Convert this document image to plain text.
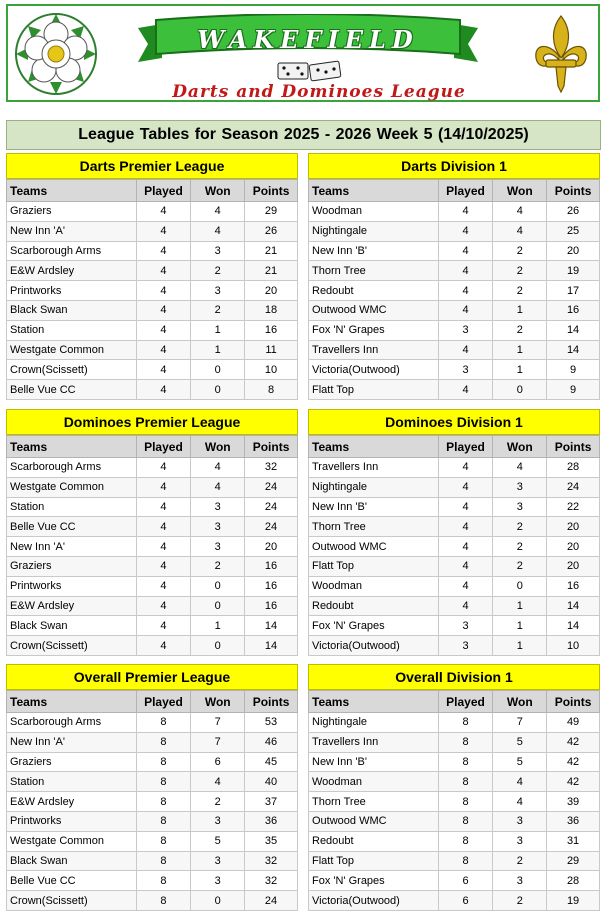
WAKEFIELD
Darts and Dominoes League
League Tables for Season 2025 - 2026 Week 5 (14/10/2025)
Darts Premier League
Teams	Played	Won	Points
Graziers	4	4	29
New Inn 'A'	4	4	26
Scarborough Arms	4	3	21
E&W Ardsley	4	2	21
Printworks	4	3	20
Black Swan	4	2	18
Station	4	1	16
Westgate Common	4	1	11
Crown(Scissett)	4	0	10
Belle Vue CC	4	0	8
Darts Division 1
Teams	Played	Won	Points
Woodman	4	4	26
Nightingale	4	4	25
New Inn 'B'	4	2	20
Thorn Tree	4	2	19
Redoubt	4	2	17
Outwood WMC	4	1	16
Fox 'N' Grapes	3	2	14
Travellers Inn	4	1	14
Victoria(Outwood)	3	1	9
Flatt Top	4	0	9
Dominoes Premier League
Teams	Played	Won	Points
Scarborough Arms	4	4	32
Westgate Common	4	4	24
Station	4	3	24
Belle Vue CC	4	3	24
New Inn 'A'	4	3	20
Graziers	4	2	16
Printworks	4	0	16
E&W Ardsley	4	0	16
Black Swan	4	1	14
Crown(Scissett)	4	0	14
Dominoes Division 1
Teams	Played	Won	Points
Travellers Inn	4	4	28
Nightingale	4	3	24
New Inn 'B'	4	3	22
Thorn Tree	4	2	20
Outwood WMC	4	2	20
Flatt Top	4	2	20
Woodman	4	0	16
Redoubt	4	1	14
Fox 'N' Grapes	3	1	14
Victoria(Outwood)	3	1	10
Overall Premier League
Teams	Played	Won	Points
Scarborough Arms	8	7	53
New Inn 'A'	8	7	46
Graziers	8	6	45
Station	8	4	40
E&W Ardsley	8	2	37
Printworks	8	3	36
Westgate Common	8	5	35
Black Swan	8	3	32
Belle Vue CC	8	3	32
Crown(Scissett)	8	0	24
Overall Division 1
Teams	Played	Won	Points
Nightingale	8	7	49
Travellers Inn	8	5	42
New Inn 'B'	8	5	42
Woodman	8	4	42
Thorn Tree	8	4	39
Outwood WMC	8	3	36
Redoubt	8	3	31
Flatt Top	8	2	29
Fox 'N' Grapes	6	3	28
Victoria(Outwood)	6	2	19
